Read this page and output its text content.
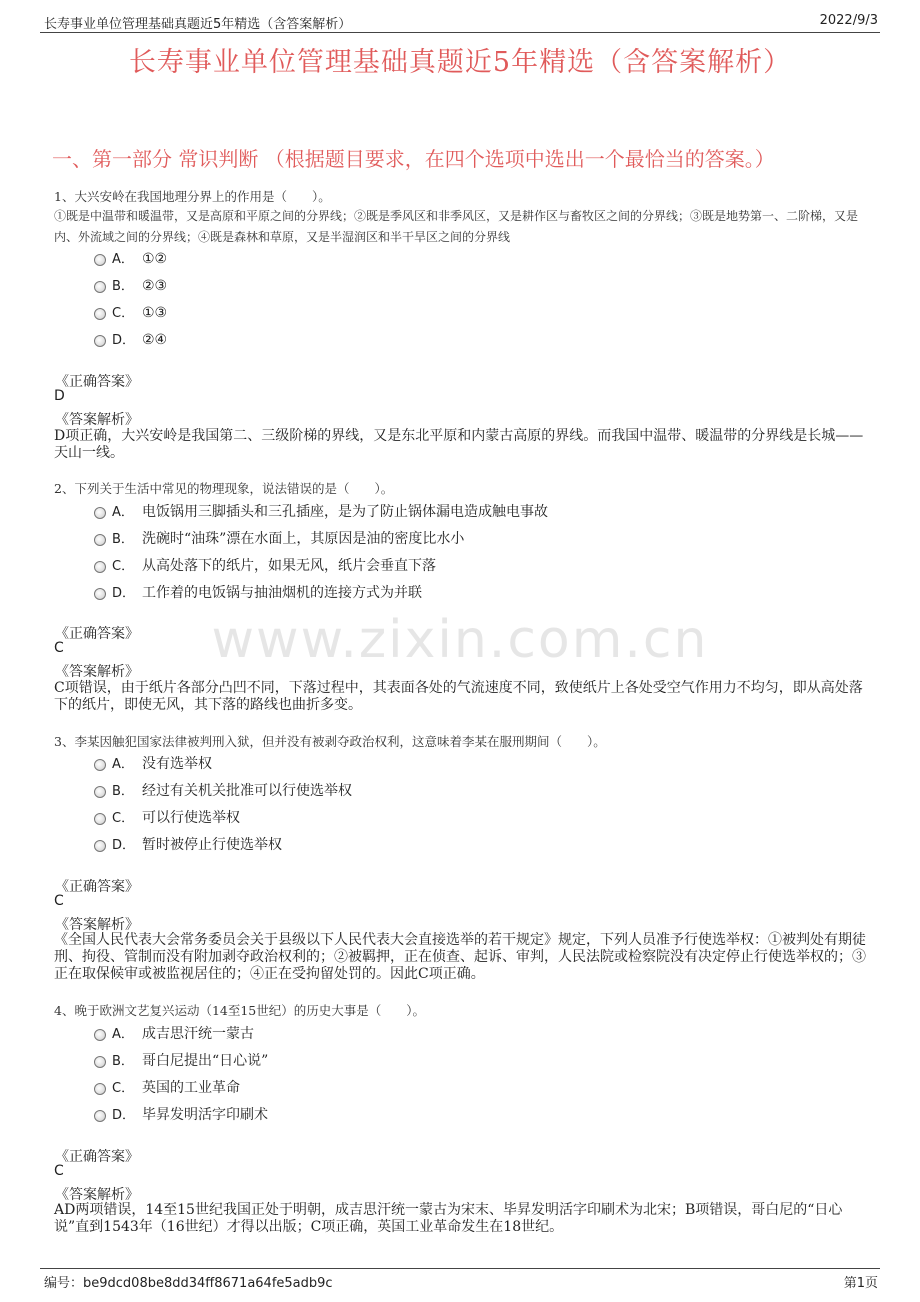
长寿事业单位管理基础真题近5年精选（含答案解析）	2022/9/3
长寿事业单位管理基础真题近5年精选（含答案解析）
一、第一部分 常识判断 （根据题目要求，在四个选项中选出一个最恰当的答案。）
www.zixin.com.cn
1、大兴安岭在我国地理分界上的作用是（　　）。
①既是中温带和暖温带，又是高原和平原之间的分界线；②既是季风区和非季风区，又是耕作区与畜牧区之间的分界线；③既是地势第一、二阶梯，又是内、外流域之间的分界线；④既是森林和草原，又是半湿润区和半干旱区之间的分界线
A． ①②
B． ②③
C． ①③
D． ②④
《正确答案》
D
《答案解析》
D项正确，大兴安岭是我国第二、三级阶梯的界线，又是东北平原和内蒙古高原的界线。而我国中温带、暖温带的分界线是长城——天山一线。
2、下列关于生活中常见的物理现象，说法错误的是（　　）。
A． 电饭锅用三脚插头和三孔插座，是为了防止锅体漏电造成触电事故
B． 洗碗时“油珠”漂在水面上，其原因是油的密度比水小
C． 从高处落下的纸片，如果无风，纸片会垂直下落
D． 工作着的电饭锅与抽油烟机的连接方式为并联
《正确答案》
C
《答案解析》
C项错误，由于纸片各部分凸凹不同，下落过程中，其表面各处的气流速度不同，致使纸片上各处受空气作用力不均匀，即从高处落下的纸片，即使无风，其下落的路线也曲折多变。
3、李某因触犯国家法律被判刑入狱，但并没有被剥夺政治权利，这意味着李某在服刑期间（　　）。
A． 没有选举权
B． 经过有关机关批准可以行使选举权
C． 可以行使选举权
D． 暂时被停止行使选举权
《正确答案》
C
《答案解析》
《全国人民代表大会常务委员会关于县级以下人民代表大会直接选举的若干规定》规定，下列人员准予行使选举权：①被判处有期徒刑、拘役、管制而没有附加剥夺政治权利的；②被羁押，正在侦查、起诉、审判，人民法院或检察院没有决定停止行使选举权的；③正在取保候审或被监视居住的；④正在受拘留处罚的。因此C项正确。
4、晚于欧洲文艺复兴运动（14至15世纪）的历史大事是（　　）。
A． 成吉思汗统一蒙古
B． 哥白尼提出“日心说”
C． 英国的工业革命
D． 毕昇发明活字印刷术
《正确答案》
C
《答案解析》
AD两项错误，14至15世纪我国正处于明朝，成吉思汗统一蒙古为宋末、毕昇发明活字印刷术为北宋；B项错误，哥白尼的“日心说”直到1543年（16世纪）才得以出版；C项正确，英国工业革命发生在18世纪。
编号：be9dcd08be8dd34ff8671a64fe5adb9c	第1页
